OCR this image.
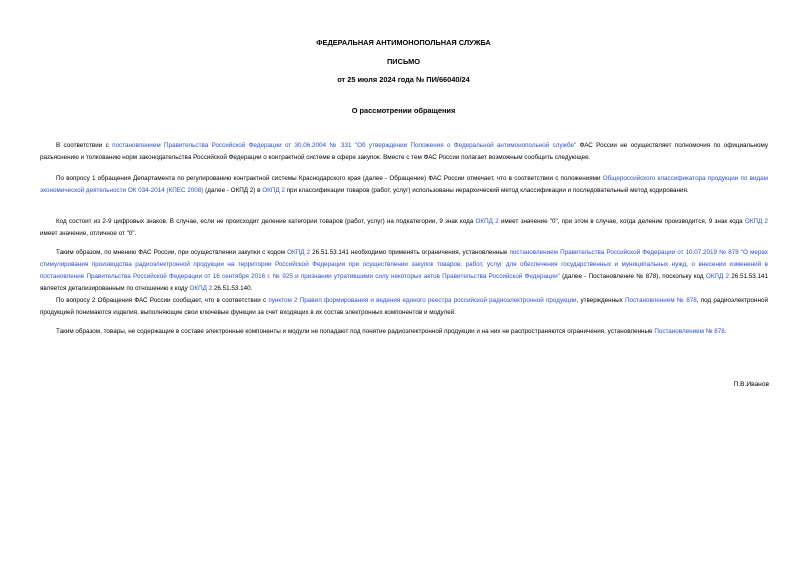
ФЕДЕРАЛЬНАЯ АНТИМОНОПОЛЬНАЯ СЛУЖБА
ПИСЬМО
от 25 июля 2024 года № ПИ/66040/24
О рассмотрении обращения

В соответствии с постановлением Правительства Российской Федерации от 30.06.2004 № 331 "Об утверждении Положения о Федеральной антимонопольной службе" ФАС России не осуществляет полномочия по официальному разъяснению и толкованию норм законодательства Российской Федерации о контрактной системе в сфере закупок. Вместе с тем ФАС России полагает возможным сообщить следующее.

По вопросу 1 обращения Департамента по регулированию контрактной системы Краснодарского края (далее - Обращение) ФАС России отмечает, что в соответствии с положениями Общероссийского классификатора продукции по видам экономической деятельности ОК 034-2014 (КПЕС 2008) (далее - ОКПД 2) в ОКПД 2 при классификации товаров (работ, услуг) использованы иерархический метод классификации и последовательный метод кодирования.

Код состоит из 2-9 цифровых знаков. В случае, если не происходит деление категории товаров (работ, услуг) на подкатегории, 9 знак кода ОКПД 2 имеет значение "0", при этом в случае, когда деление производится, 9 знак кода ОКПД 2 имеет значение, отличное от "0".

Таким образом, по мнению ФАС России, при осуществлении закупки с кодом ОКПД 2 26.51.53.141 необходимо применять ограничения, установленные постановлением Правительства Российской Федерации от 10.07.2019 № 878 "О мерах стимулирования производства радиоэлектронной продукции на территории Российской Федерации при осуществлении закупок товаров, работ, услуг для обеспечения государственных и муниципальных нужд, о внесении изменений в постановление Правительства Российской Федерации от 16 сентября 2016 г. № 925 и признании утратившими силу некоторых актов Правительства Российской Федерации" (далее - Постановление № 878), поскольку код ОКПД 2 26.51.53.141 является детализированным по отношению к коду ОКПД 2 26.51.53.140.

По вопросу 2 Обращения ФАС России сообщает, что в соответствии с пунктом 2 Правил формирования и ведения единого реестра российской радиоэлектронной продукции, утвержденных Постановлением № 878, под радиоэлектронной продукцией понимаются изделия, выполняющие свои ключевые функции за счет входящих в их состав электронных компонентов и модулей.

Таким образом, товары, не содержащие в составе электронные компоненты и модули не попадают под понятие радиоэлектронной продукции и на них не распространяются ограничения, установленные Постановлением № 878.

П.В.Иванов
